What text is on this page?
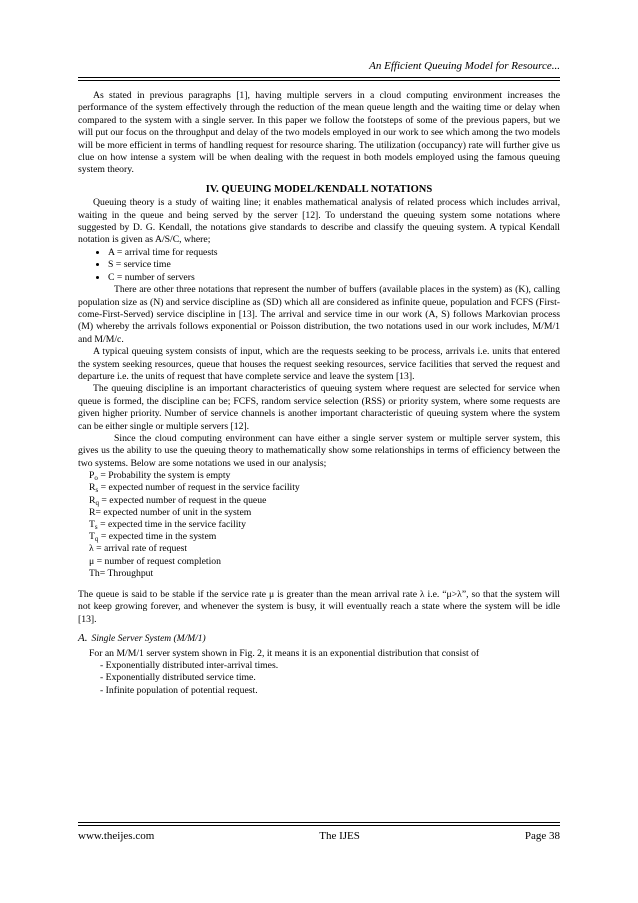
An Efficient Queuing Model for Resource...

As stated in previous paragraphs [1], having multiple servers in a cloud computing environment increases the performance of the system effectively through the reduction of the mean queue length and the waiting time or delay when compared to the system with a single server. In this paper we follow the footsteps of some of the previous papers, but we will put our focus on the throughput and delay of the two models employed in our work to see which among the two models will be more efficient in terms of handling request for resource sharing. The utilization (occupancy) rate will further give us clue on how intense a system will be when dealing with the request in both models employed using the famous queuing system theory.

IV. QUEUING MODEL/KENDALL NOTATIONS

Queuing theory is a study of waiting line; it enables mathematical analysis of related process which includes arrival, waiting in the queue and being served by the server [12]. To understand the queuing system some notations where suggested by D. G. Kendall, the notations give standards to describe and classify the queuing system. A typical Kendall notation is given as A/S/C, where;

• A = arrival time for requests
• S = service time
• C = number of servers

There are other three notations that represent the number of buffers (available places in the system) as (K), calling population size as (N) and service discipline as (SD) which all are considered as infinite queue, population and FCFS (First-come-First-Served) service discipline in [13]. The arrival and service time in our work (A, S) follows Markovian process (M) whereby the arrivals follows exponential or Poisson distribution, the two notations used in our work includes, M/M/1 and M/M/c.

A typical queuing system consists of input, which are the requests seeking to be process, arrivals i.e. units that entered the system seeking resources, queue that houses the request seeking resources, service facilities that served the request and departure i.e. the units of request that have complete service and leave the system [13].

The queuing discipline is an important characteristics of queuing system where request are selected for service when queue is formed, the discipline can be; FCFS, random service selection (RSS) or priority system, where some requests are given higher priority. Number of service channels is another important characteristic of queuing system where the system can be either single or multiple servers [12].

Since the cloud computing environment can have either a single server system or multiple server system, this gives us the ability to use the queuing theory to mathematically show some relationships in terms of efficiency between the two systems. Below are some notations we used in our analysis;

$P_o$ = Probability the system is empty
$R_s$ = expected number of request in the service facility
$R_q$ = expected number of request in the queue
R= expected number of unit in the system
$T_s$ = expected time in the service facility
$T_q$ = expected time in the system
λ = arrival rate of request
μ = number of request completion
Th= Throughput

The queue is said to be stable if the service rate μ is greater than the mean arrival rate λ i.e. “μ>λ”, so that the system will not keep growing forever, and whenever the system is busy, it will eventually reach a state where the system will be idle [13].

A. Single Server System (M/M/1)
For an M/M/1 server system shown in Fig. 2, it means it is an exponential distribution that consist of
- Exponentially distributed inter-arrival times.
- Exponentially distributed service time.
- Infinite population of potential request.
www.theijes.com	The IJES	Page 38
